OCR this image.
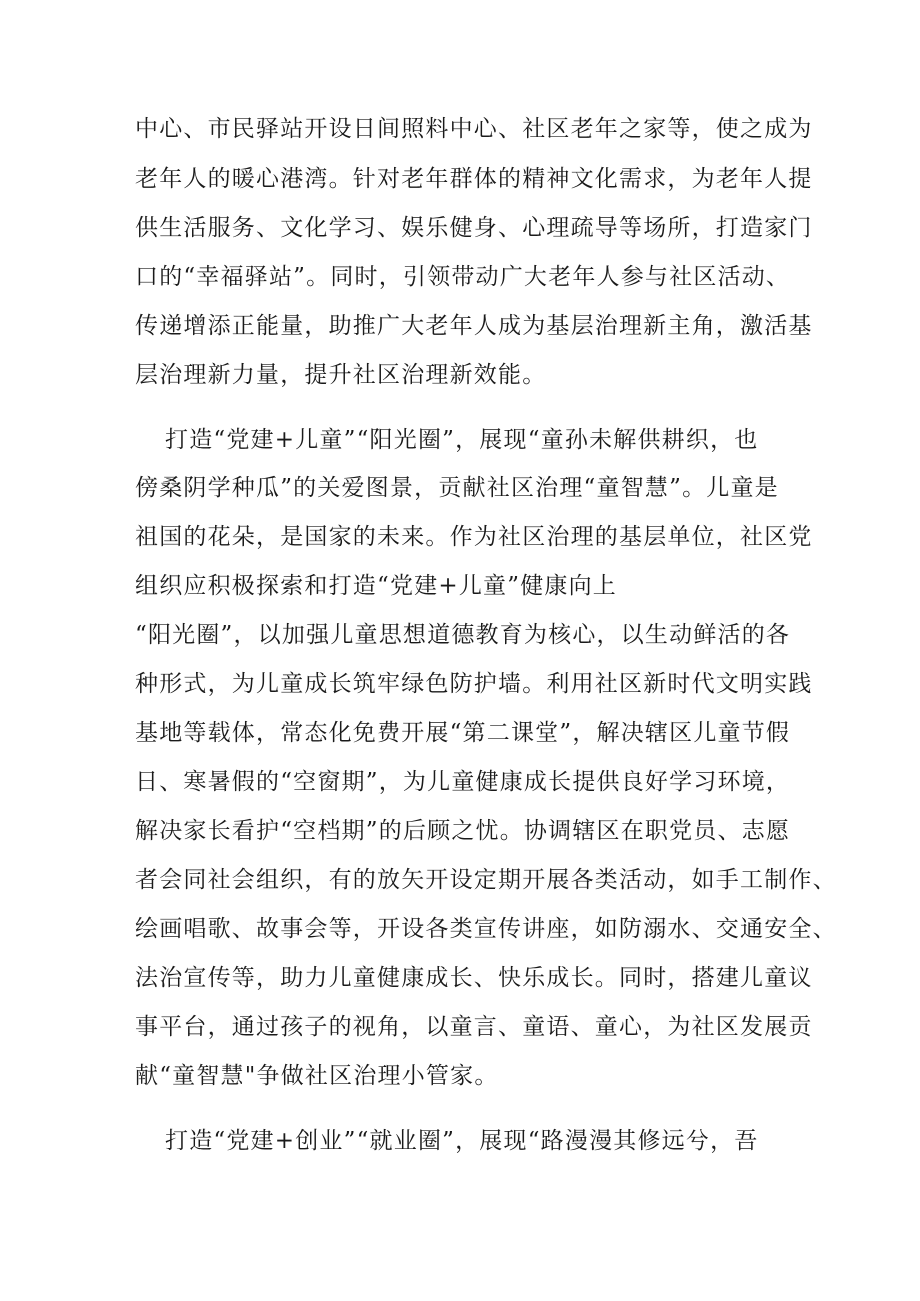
中心、市民驿站开设日间照料中心、社区老年之家等，使之成为
老年人的暖心港湾。针对老年群体的精神文化需求，为老年人提
供生活服务、文化学习、娱乐健身、心理疏导等场所，打造家门
口的“幸福驿站”。同时，引领带动广大老年人参与社区活动、
传递增添正能量，助推广大老年人成为基层治理新主角，激活基
层治理新力量，提升社区治理新效能。
打造“党建+儿童”“阳光圈”，展现“童孙未解供耕织，也
傍桑阴学种瓜”的关爱图景，贡献社区治理“童智慧”。儿童是
祖国的花朵，是国家的未来。作为社区治理的基层单位，社区党
组织应积极探索和打造“党建+儿童”健康向上
“阳光圈”，以加强儿童思想道德教育为核心，以生动鲜活的各
种形式，为儿童成长筑牢绿色防护墙。利用社区新时代文明实践
基地等载体，常态化免费开展“第二课堂”，解决辖区儿童节假
日、寒暑假的“空窗期”，为儿童健康成长提供良好学习环境，
解决家长看护“空档期”的后顾之忧。协调辖区在职党员、志愿
者会同社会组织，有的放矢开设定期开展各类活动，如手工制作、
绘画唱歌、故事会等，开设各类宣传讲座，如防溺水、交通安全、
法治宣传等，助力儿童健康成长、快乐成长。同时，搭建儿童议
事平台，通过孩子的视角，以童言、童语、童心，为社区发展贡
献“童智慧"争做社区治理小管家。
打造“党建+创业”“就业圈”，展现“路漫漫其修远兮，吾
